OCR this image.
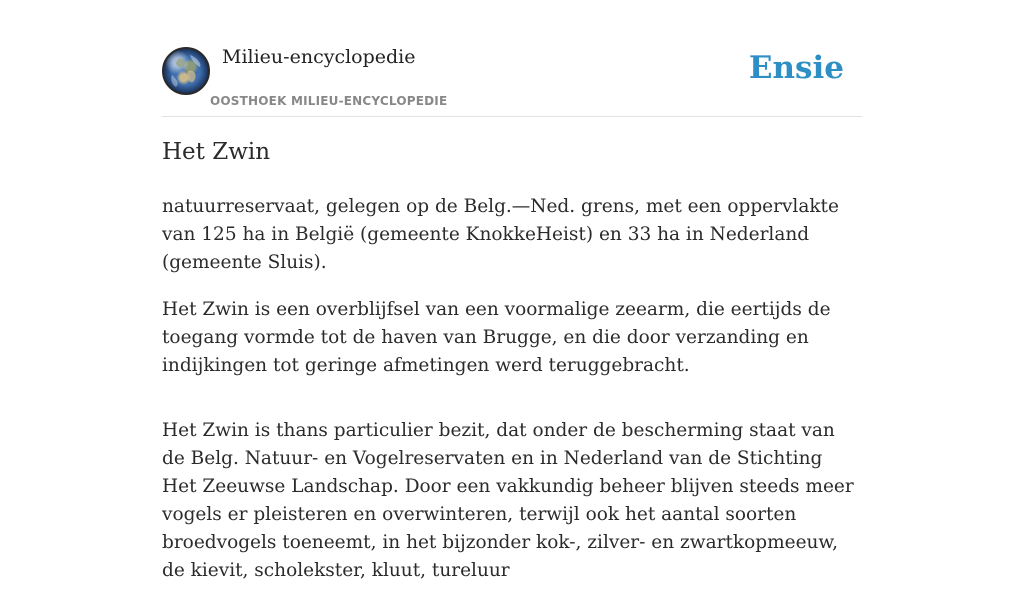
Milieu-encyclopedie
OOSTHOEK MILIEU-ENCYCLOPEDIE
Ensie
Het Zwin

natuurreservaat, gelegen op de Belg.—Ned. grens, met een oppervlakte van 125 ha in België (gemeente KnokkeHeist) en 33 ha in Nederland (gemeente Sluis).

Het Zwin is een overblijfsel van een voormalige zeearm, die eertijds de toegang vormde tot de haven van Brugge, en die door verzanding en indijkingen tot geringe afmetingen werd teruggebracht.

Het Zwin is thans particulier bezit, dat onder de bescherming staat van de Belg. Natuur- en Vogelreservaten en in Nederland van de Stichting Het Zeeuwse Landschap. Door een vakkundig beheer blijven steeds meer vogels er pleisteren en overwinteren, terwijl ook het aantal soorten broedvogels toeneemt, in het bijzonder kok-, zilver- en zwartkopmeeuw, de kievit, scholekster, kluut, tureluur
